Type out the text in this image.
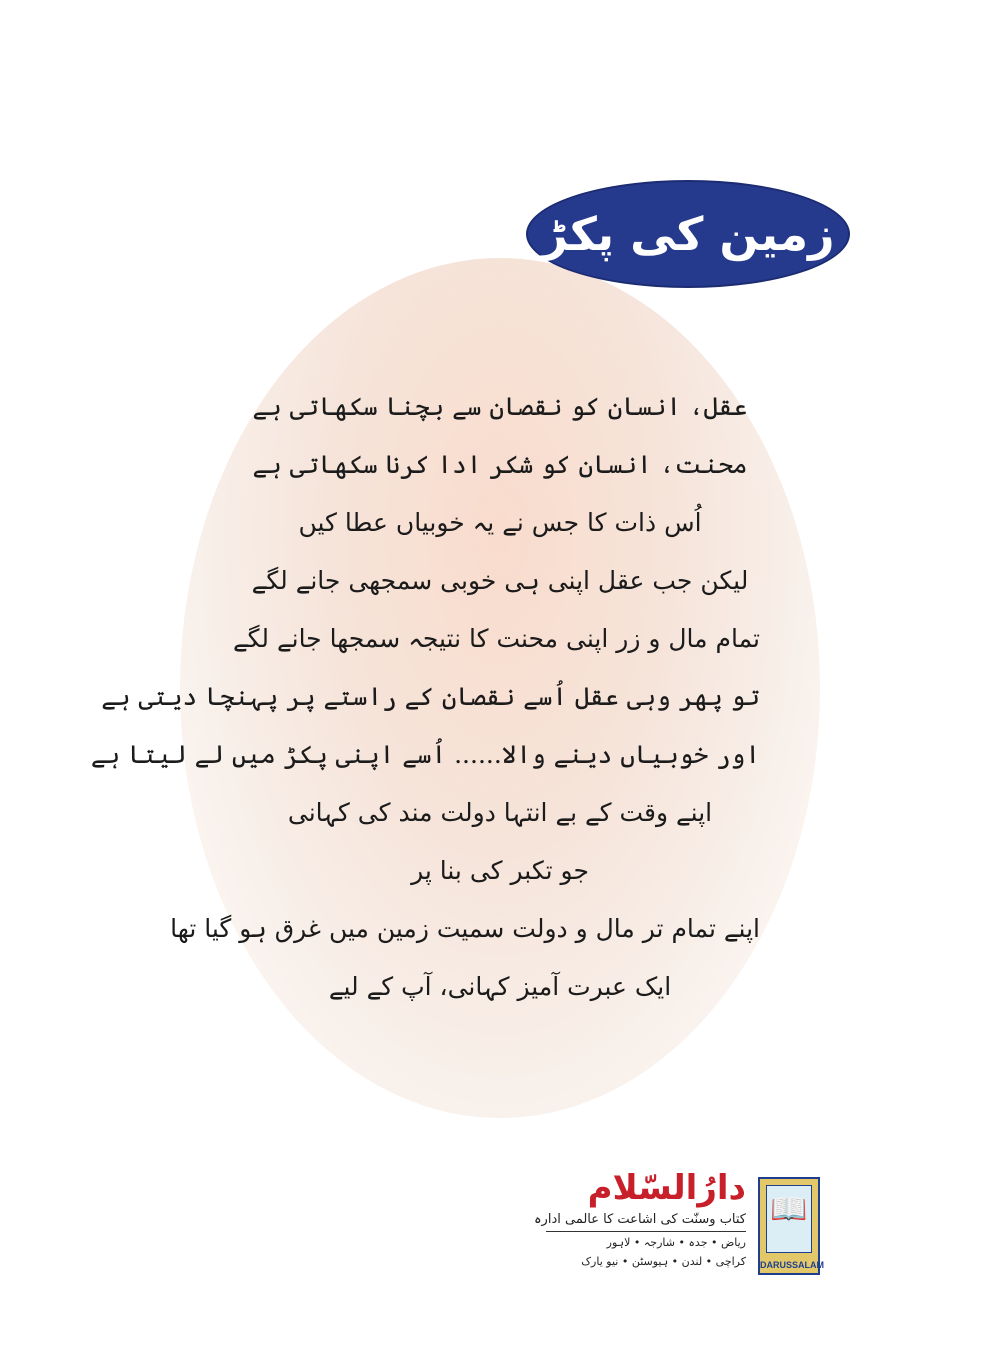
زمین کی پکڑ
عقل، انسان کو نقصان سے بچنا سکھاتی ہے
محنت، انسان کو شکر ادا کرنا سکھاتی ہے
اُس ذات کا جس نے یہ خوبیاں عطا کیں
لیکن جب عقل اپنی ہی خوبی سمجھی جانے لگے
تمام مال و زر اپنی محنت کا نتیجہ سمجھا جانے لگے
تو پھر وہی عقل اُسے نقصان کے راستے پر پہنچا دیتی ہے
اور خوبیاں دینے والا...... اُسے اپنی پکڑ میں لے لیتا ہے
اپنے وقت کے بے انتہا دولت مند کی کہانی
جو تکبر کی بنا پر
اپنے تمام تر مال و دولت سمیت زمین میں غرق ہو گیا تھا
ایک عبرت آمیز کہانی، آپ کے لیے
📖
DARUSSALAM
دارُالسّلام
کتاب وسنّت کی اشاعت کا عالمی ادارہ
ریاض • جدہ • شارجہ • لاہور
کراچی • لندن • ہیوسٹن • نیو یارک
